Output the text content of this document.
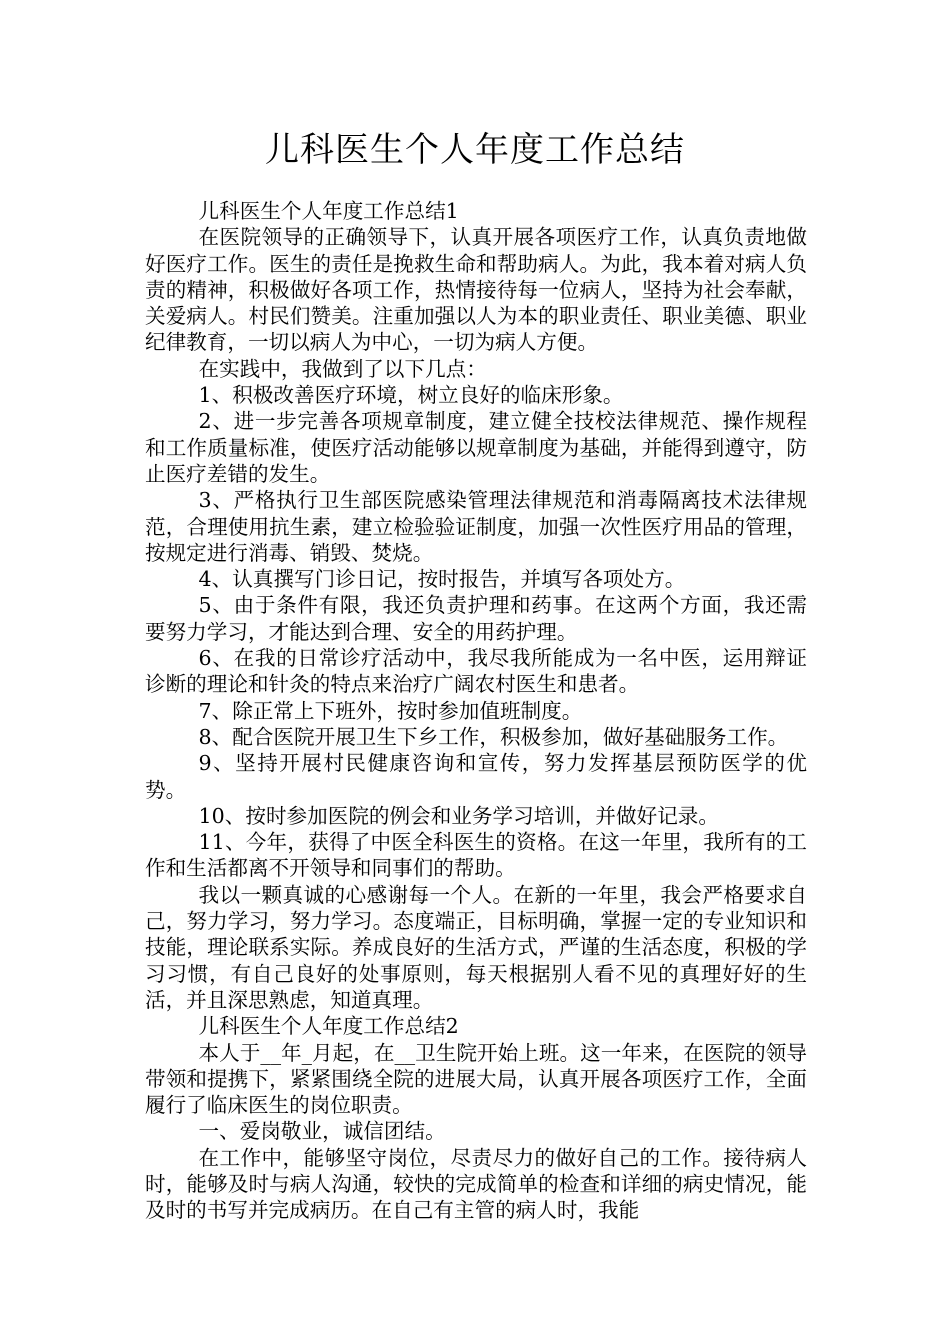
儿科医生个人年度工作总结

儿科医生个人年度工作总结1

在医院领导的正确领导下，认真开展各项医疗工作，认真负责地做好医疗工作。医生的责任是挽救生命和帮助病人。为此，我本着对病人负责的精神，积极做好各项工作，热情接待每一位病人，坚持为社会奉献，关爱病人。村民们赞美。注重加强以人为本的职业责任、职业美德、职业纪律教育，一切以病人为中心，一切为病人方便。

在实践中，我做到了以下几点：

1、积极改善医疗环境，树立良好的临床形象。

2、进一步完善各项规章制度，建立健全技校法律规范、操作规程和工作质量标准，使医疗活动能够以规章制度为基础，并能得到遵守，防止医疗差错的发生。

3、严格执行卫生部医院感染管理法律规范和消毒隔离技术法律规范，合理使用抗生素，建立检验验证制度，加强一次性医疗用品的管理，按规定进行消毒、销毁、焚烧。

4、认真撰写门诊日记，按时报告，并填写各项处方。

5、由于条件有限，我还负责护理和药事。在这两个方面，我还需要努力学习，才能达到合理、安全的用药护理。

6、在我的日常诊疗活动中，我尽我所能成为一名中医，运用辩证诊断的理论和针灸的特点来治疗广阔农村医生和患者。

7、除正常上下班外，按时参加值班制度。

8、配合医院开展卫生下乡工作，积极参加，做好基础服务工作。

9、坚持开展村民健康咨询和宣传，努力发挥基层预防医学的优势。

10、按时参加医院的例会和业务学习培训，并做好记录。

11、今年，获得了中医全科医生的资格。在这一年里，我所有的工作和生活都离不开领导和同事们的帮助。

我以一颗真诚的心感谢每一个人。在新的一年里，我会严格要求自己，努力学习，努力学习。态度端正，目标明确，掌握一定的专业知识和技能，理论联系实际。养成良好的生活方式，严谨的生活态度，积极的学习习惯，有自己良好的处事原则，每天根据别人看不见的真理好好的生活，并且深思熟虑，知道真理。

儿科医生个人年度工作总结2

本人于__年_月起，在__卫生院开始上班。这一年来，在医院的领导带领和提携下，紧紧围绕全院的进展大局，认真开展各项医疗工作，全面履行了临床医生的岗位职责。

一、爱岗敬业，诚信团结。

在工作中，能够坚守岗位，尽责尽力的做好自己的工作。接待病人时，能够及时与病人沟通，较快的完成简单的检查和详细的病史情况，能及时的书写并完成病历。在自己有主管的病人时，我能
